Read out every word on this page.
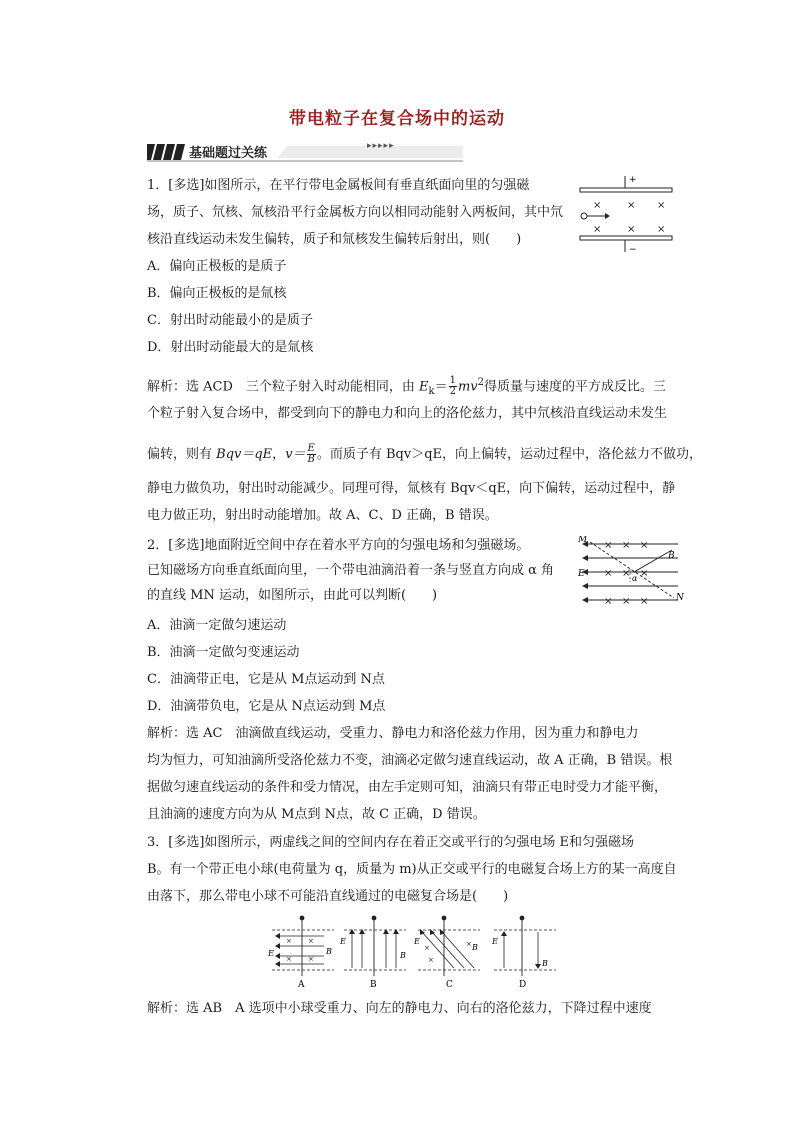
带电粒子在复合场中的运动
基础题过关练	▸▸▸▸▸
1．[多选]如图所示，在平行带电金属板间有垂直纸面向里的匀强磁
场，质子、氘核、氚核沿平行金属板方向以相同动能射入两板间，其中氘
核沿直线运动未发生偏转，质子和氚核发生偏转后射出，则(　　)
+
×	× ×
×	× ×
−
A．偏向正极板的是质子
B．偏向正极板的是氚核
C．射出时动能最小的是质子
D．射出时动能最大的是氚核
解析：选 ACD　三个粒子射入时动能相同，由 $E_k= \frac{1}{2} mv^2$得质量与速度的平方成反比。三
个粒子射入复合场中，都受到向下的静电力和向上的洛伦兹力，其中氘核沿直线运动未发生
偏转，则有 Bqv＝qE，$v= \frac{E}{B}$ 。而质子有 Bqv＞qE，向上偏转，运动过程中，洛伦兹力不做功，
静电力做负功，射出时动能减少。同理可得，氚核有 Bqv＜qE，向下偏转，运动过程中，静
电力做正功，射出时动能增加。故 A、C、D 正确，B 错误。
2．[多选]地面附近空间中存在着水平方向的匀强电场和匀强磁场。
已知磁场方向垂直纸面向里，一个带电油滴沿着一条与竖直方向成 α 角
的直线 MN 运动，如图所示，由此可以判断(　　)
× × ×
× × ×
× × ×
M
B
E	α
N
A．油滴一定做匀速运动
B．油滴一定做匀变速运动
C．油滴带正电，它是从 M点运动到 N点
D．油滴带负电，它是从 N点运动到 M点
解析：选 AC　油滴做直线运动，受重力、静电力和洛伦兹力作用，因为重力和静电力
均为恒力，可知油滴所受洛伦兹力不变，油滴必定做匀速直线运动，故 A 正确，B 错误。根
据做匀速直线运动的条件和受力情况，由左手定则可知，油滴只有带正电时受力才能平衡，
且油滴的速度方向为从 M点到 N点，故 C 正确，D 错误。
3．[多选]如图所示，两虚线之间的空间内存在着正交或平行的匀强电场 E和匀强磁场
B。有一个带正电小球(电荷量为 q，质量为 m)从正交或平行的电磁复合场上方的某一高度自
由落下，那么带电小球不可能沿直线通过的电磁复合场是(　　)
× ×
× ×
E	B
A
E
B
B
×	×
×
E
B
C
E
B
D
解析：选 AB　A 选项中小球受重力、向左的静电力、向右的洛伦兹力，下降过程中速度
